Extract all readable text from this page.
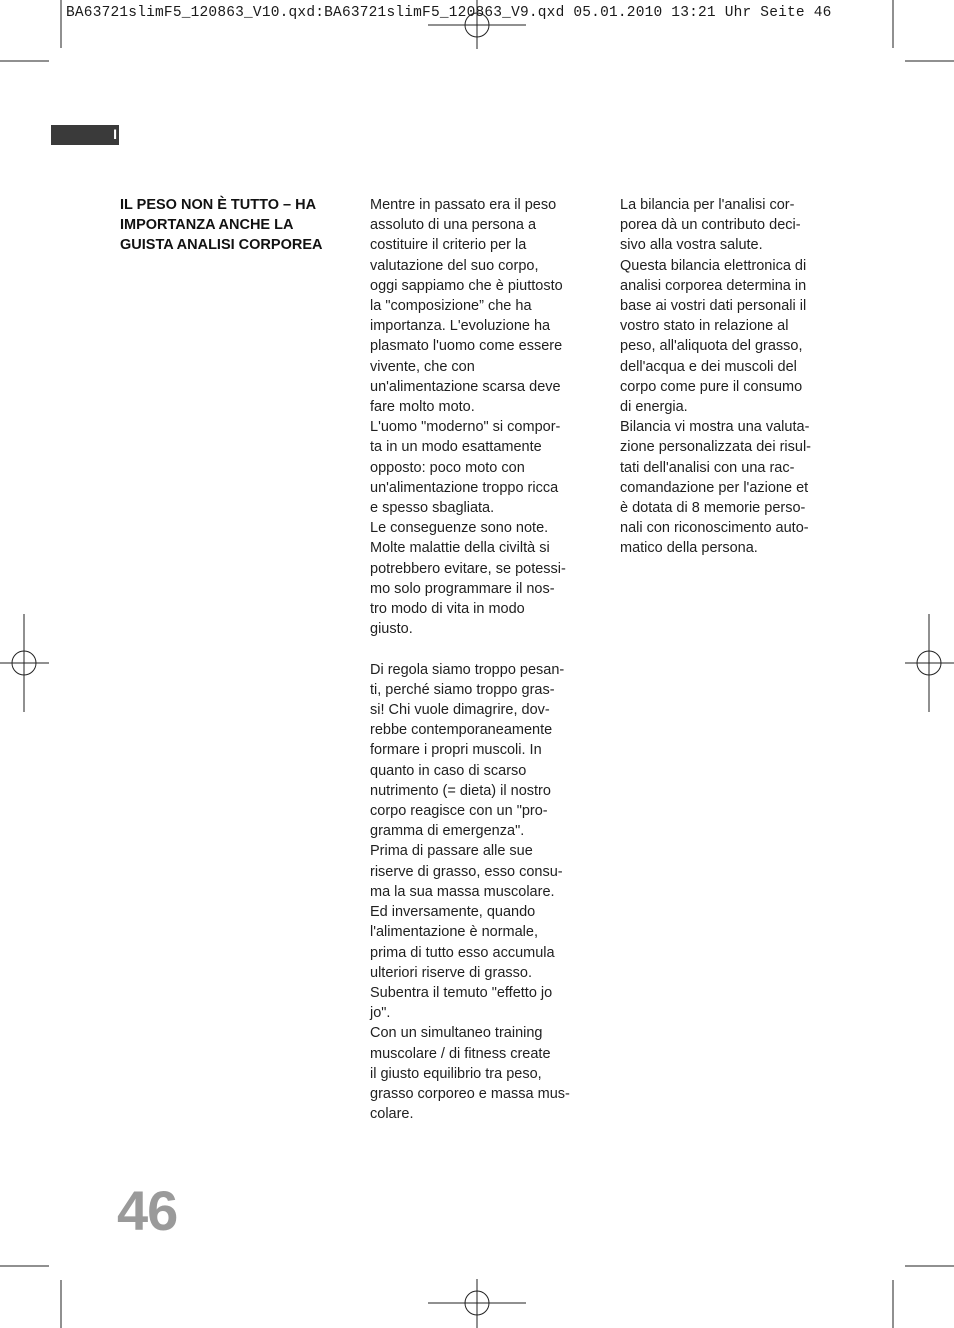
BA63721slimF5_120863_V10.qxd:BA63721slimF5_120863_V9.qxd 05.01.2010 13:21 Uhr Seite 46
I
IL PESO NON È TUTTO – HA
IMPORTANZA ANCHE LA
GUISTA ANALISI CORPOREA

Mentre in passato era il peso
assoluto di una persona a
costituire il criterio per la
valutazione del suo corpo,
oggi sappiamo che è piuttosto
la "composizione” che ha
importanza. L'evoluzione ha
plasmato l'uomo come essere
vivente, che con
un'alimentazione scarsa deve
fare molto moto.

L'uomo "moderno" si compor-
ta in un modo esattamente
opposto: poco moto con
un'alimentazione troppo ricca
e spesso sbagliata.

Le conseguenze sono note.
Molte malattie della civiltà si
potrebbero evitare, se potessi-
mo solo programmare il nos-
tro modo di vita in modo
giusto.

Di regola siamo troppo pesan-
ti, perché siamo troppo gras-
si! Chi vuole dimagrire, dov-
rebbe contemporaneamente
formare i propri muscoli. In
quanto in caso di scarso
nutrimento (= dieta) il nostro
corpo reagisce con un "pro-
gramma di emergenza".

Prima di passare alle sue
riserve di grasso, esso consu-
ma la sua massa muscolare.

Ed inversamente, quando
l'alimentazione è normale,
prima di tutto esso accumula
ulteriori riserve di grasso.
Subentra il temuto "effetto jo
jo".

Con un simultaneo training
muscolare / di fitness create
il giusto equilibrio tra peso,
grasso corporeo e massa mus-
colare.

La bilancia per l'analisi cor-
porea dà un contributo deci-
sivo alla vostra salute.

Questa bilancia elettronica di
analisi corporea determina in
base ai vostri dati personali il
vostro stato in relazione al
peso, all'aliquota del grasso,
dell'acqua e dei muscoli del
corpo come pure il consumo
di energia.

Bilancia vi mostra una valuta-
zione personalizzata dei risul-
tati dell'analisi con una rac-
comandazione per l'azione et
è dotata di 8 memorie perso-
nali con riconoscimento auto-
matico della persona.

46
